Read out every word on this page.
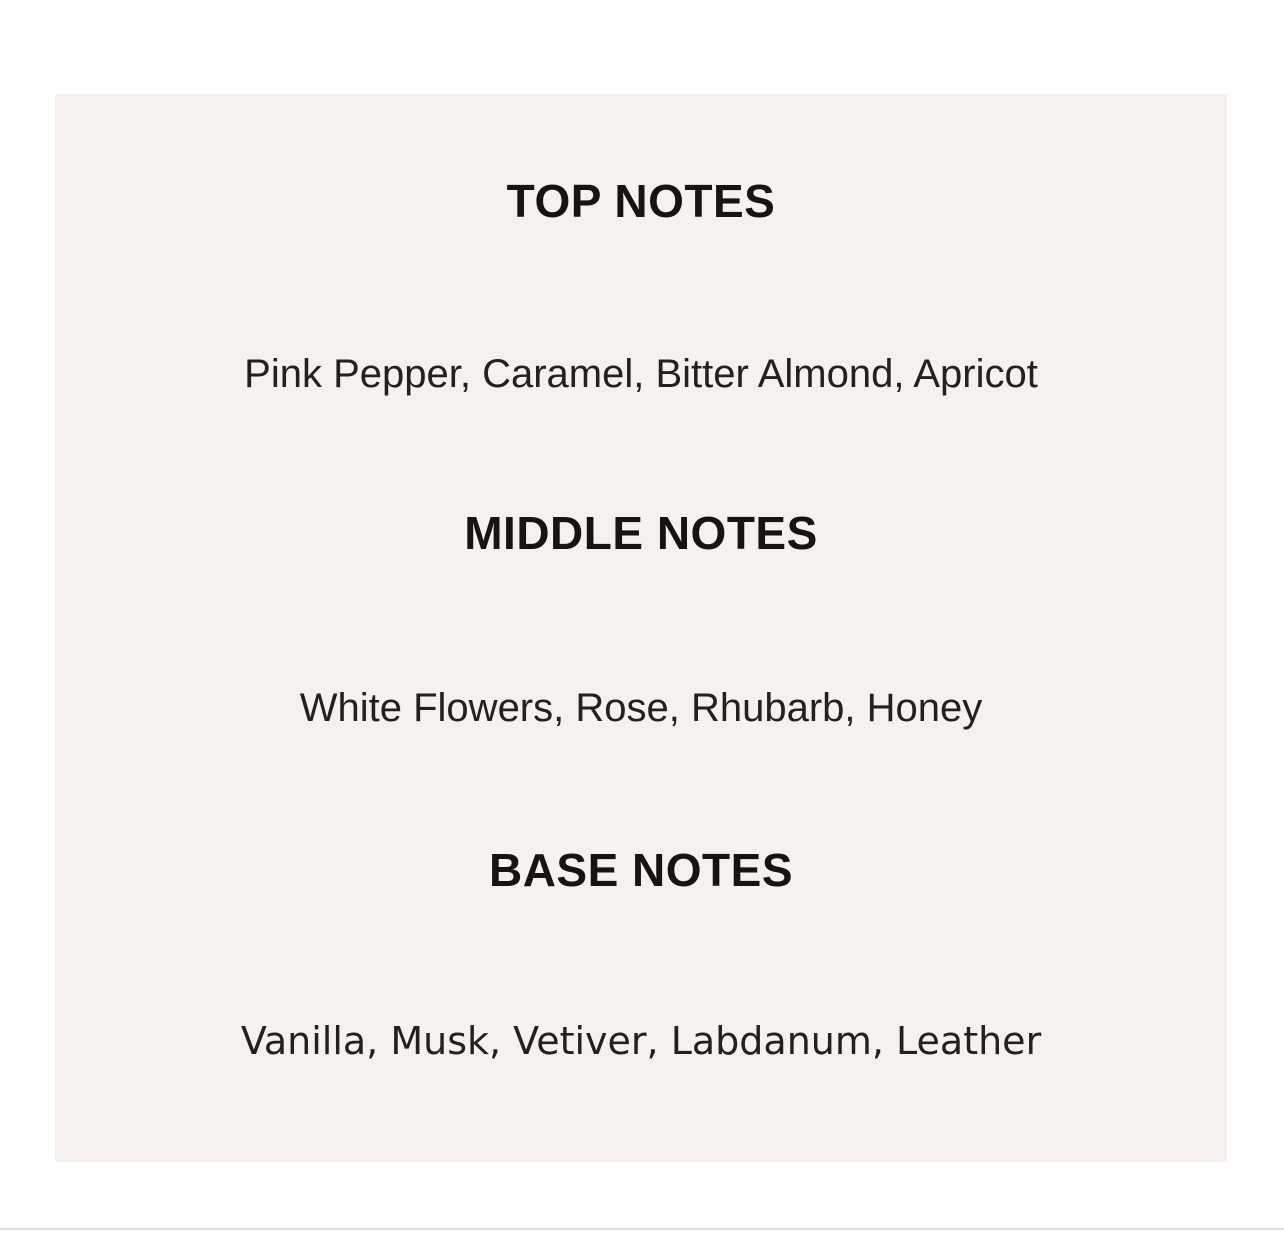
TOP NOTES
Pink Pepper, Caramel, Bitter Almond, Apricot
MIDDLE NOTES
White Flowers, Rose, Rhubarb, Honey
BASE NOTES
Vanilla, Musk, Vetiver, Labdanum, Leather
